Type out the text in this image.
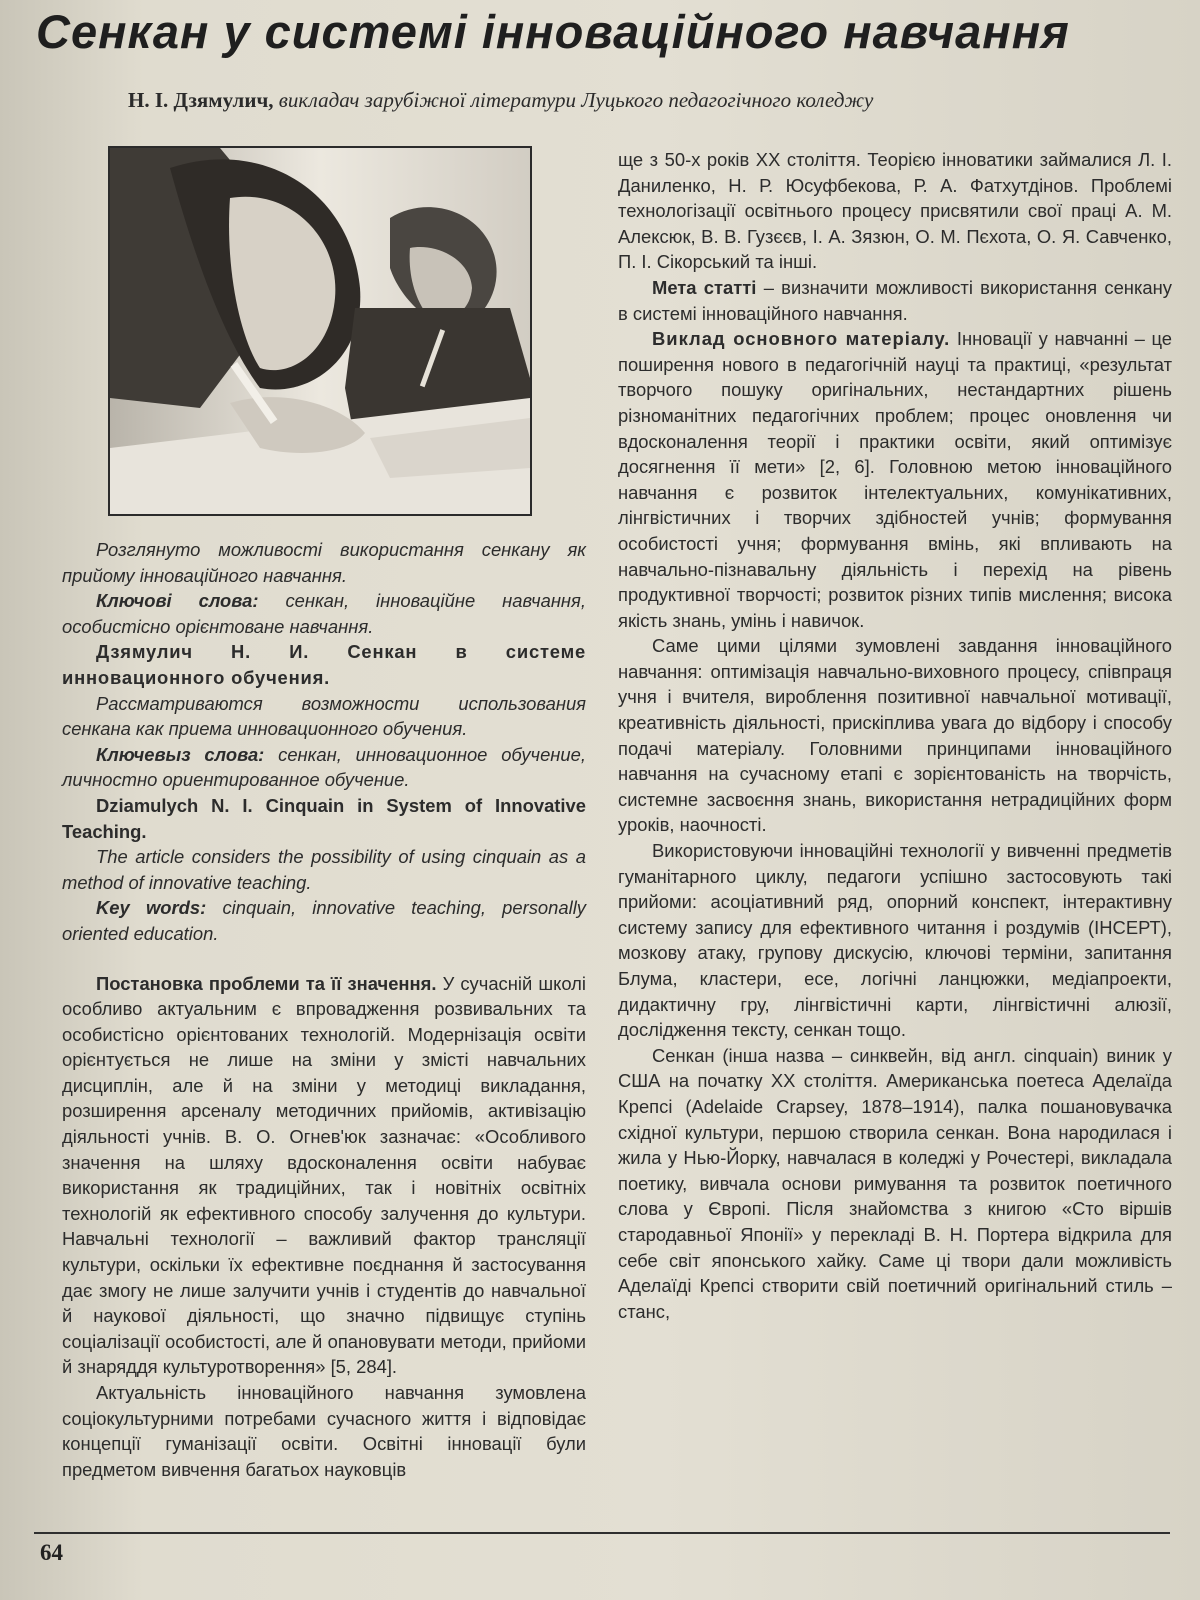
Сенкан у системі інноваційного навчання
Н. І. Дзямулич, викладач зарубіжної літератури Луцького педагогічного коледжу

Розглянуто можливості використання сенкану як прийому інноваційного навчання.

Ключові слова: сенкан, інноваційне навчання, особистісно орієнтоване навчання.

Дзямулич Н. И. Сенкан в системе инновационного обучения.

Рассматриваются возможности использования сенкана как приема инновационного обучения.

Ключевыз слова: сенкан, инновационное обучение, личностно ориентированное обучение.

Dziamulych N. I. Cinquain in System of Innovative Teaching.

The article considers the possibility of using cinquain as a method of innovative teaching.

Key words: cinquain, innovative teaching, personally oriented education.

Постановка проблеми та її значення. У сучасній школі особливо актуальним є впровадження розвивальних та особистісно орієнтованих технологій. Модернізація освіти орієнтується не лише на зміни у змісті навчальних дисциплін, але й на зміни у методиці викладання, розширення арсеналу методичних прийомів, активізацію діяльності учнів. В. О. Огнев'юк зазначає: «Особливого значення на шляху вдосконалення освіти набуває використання як традиційних, так і новітніх освітніх технологій як ефективного способу залучення до культури. Навчальні технології – важливий фактор трансляції культури, оскільки їх ефективне поєднання й застосування дає змогу не лише залучити учнів і студентів до навчальної й наукової діяльності, що значно підвищує ступінь соціалізації особистості, але й опановувати методи, прийоми й знаряддя культуротворення» [5, 284].

Актуальність інноваційного навчання зумовлена соціокультурними потребами сучасного життя і відповідає концепції гуманізації освіти. Освітні інновації були предметом вивчення багатьох науковців

ще з 50-х років XX століття. Теорією інноватики займалися Л. І. Даниленко, Н. Р. Юсуфбекова, Р. А. Фатхутдінов. Проблемі технологізації освітнього процесу присвятили свої праці А. М. Алексюк, В. В. Гузєєв, І. А. Зязюн, О. М. Пєхота, О. Я. Савченко, П. І. Сікорський та інші.

Мета статті – визначити можливості використання сенкану в системі інноваційного навчання.

Виклад основного матеріалу. Інновації у навчанні – це поширення нового в педагогічній науці та практиці, «результат творчого пошуку оригінальних, нестандартних рішень різноманітних педагогічних проблем; процес оновлення чи вдосконалення теорії і практики освіти, який оптимізує досягнення її мети» [2, 6]. Головною метою інноваційного навчання є розвиток інтелектуальних, комунікативних, лінгвістичних і творчих здібностей учнів; формування особистості учня; формування вмінь, які впливають на навчально-пізнавальну діяльність і перехід на рівень продуктивної творчості; розвиток різних типів мислення; висока якість знань, умінь і навичок.

Саме цими цілями зумовлені завдання інноваційного навчання: оптимізація навчально-виховного процесу, співпраця учня і вчителя, вироблення позитивної навчальної мотивації, креативність діяльності, прискіплива увага до відбору і способу подачі матеріалу. Головними принципами інноваційного навчання на сучасному етапі є зорієнтованість на творчість, системне засвоєння знань, використання нетрадиційних форм уроків, наочності.

Використовуючи інноваційні технології у вивченні предметів гуманітарного циклу, педагоги успішно застосовують такі прийоми: асоціативний ряд, опорний конспект, інтерактивну систему запису для ефективного читання і роздумів (ІНСЕРТ), мозкову атаку, групову дискусію, ключові терміни, запитання Блума, кластери, есе, логічні ланцюжки, медіапроекти, дидактичну гру, лінгвістичні карти, лінгвістичні алюзії, дослідження тексту, сенкан тощо.

Сенкан (інша назва – синквейн, від англ. cinquain) виник у США на початку XX століття. Американська поетеса Аделаїда Крепсі (Adelaide Crapsey, 1878–1914), палка пошановувачка східної культури, першою створила сенкан. Вона народилася і жила у Нью-Йорку, навчалася в коледжі у Рочестері, викладала поетику, вивчала основи римування та розвиток поетичного слова у Європі. Після знайомства з книгою «Сто віршів стародавньої Японії» у перекладі В. Н. Портера відкрила для себе світ японського хайку. Саме ці твори дали можливість Аделаїді Крепсі створити свій поетичний оригінальний стиль – станс,

64
